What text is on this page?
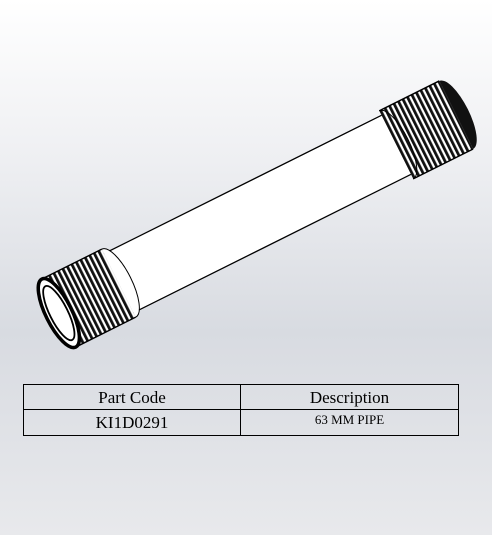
Part Code	Description
KI1D0291	63 MM PIPE
